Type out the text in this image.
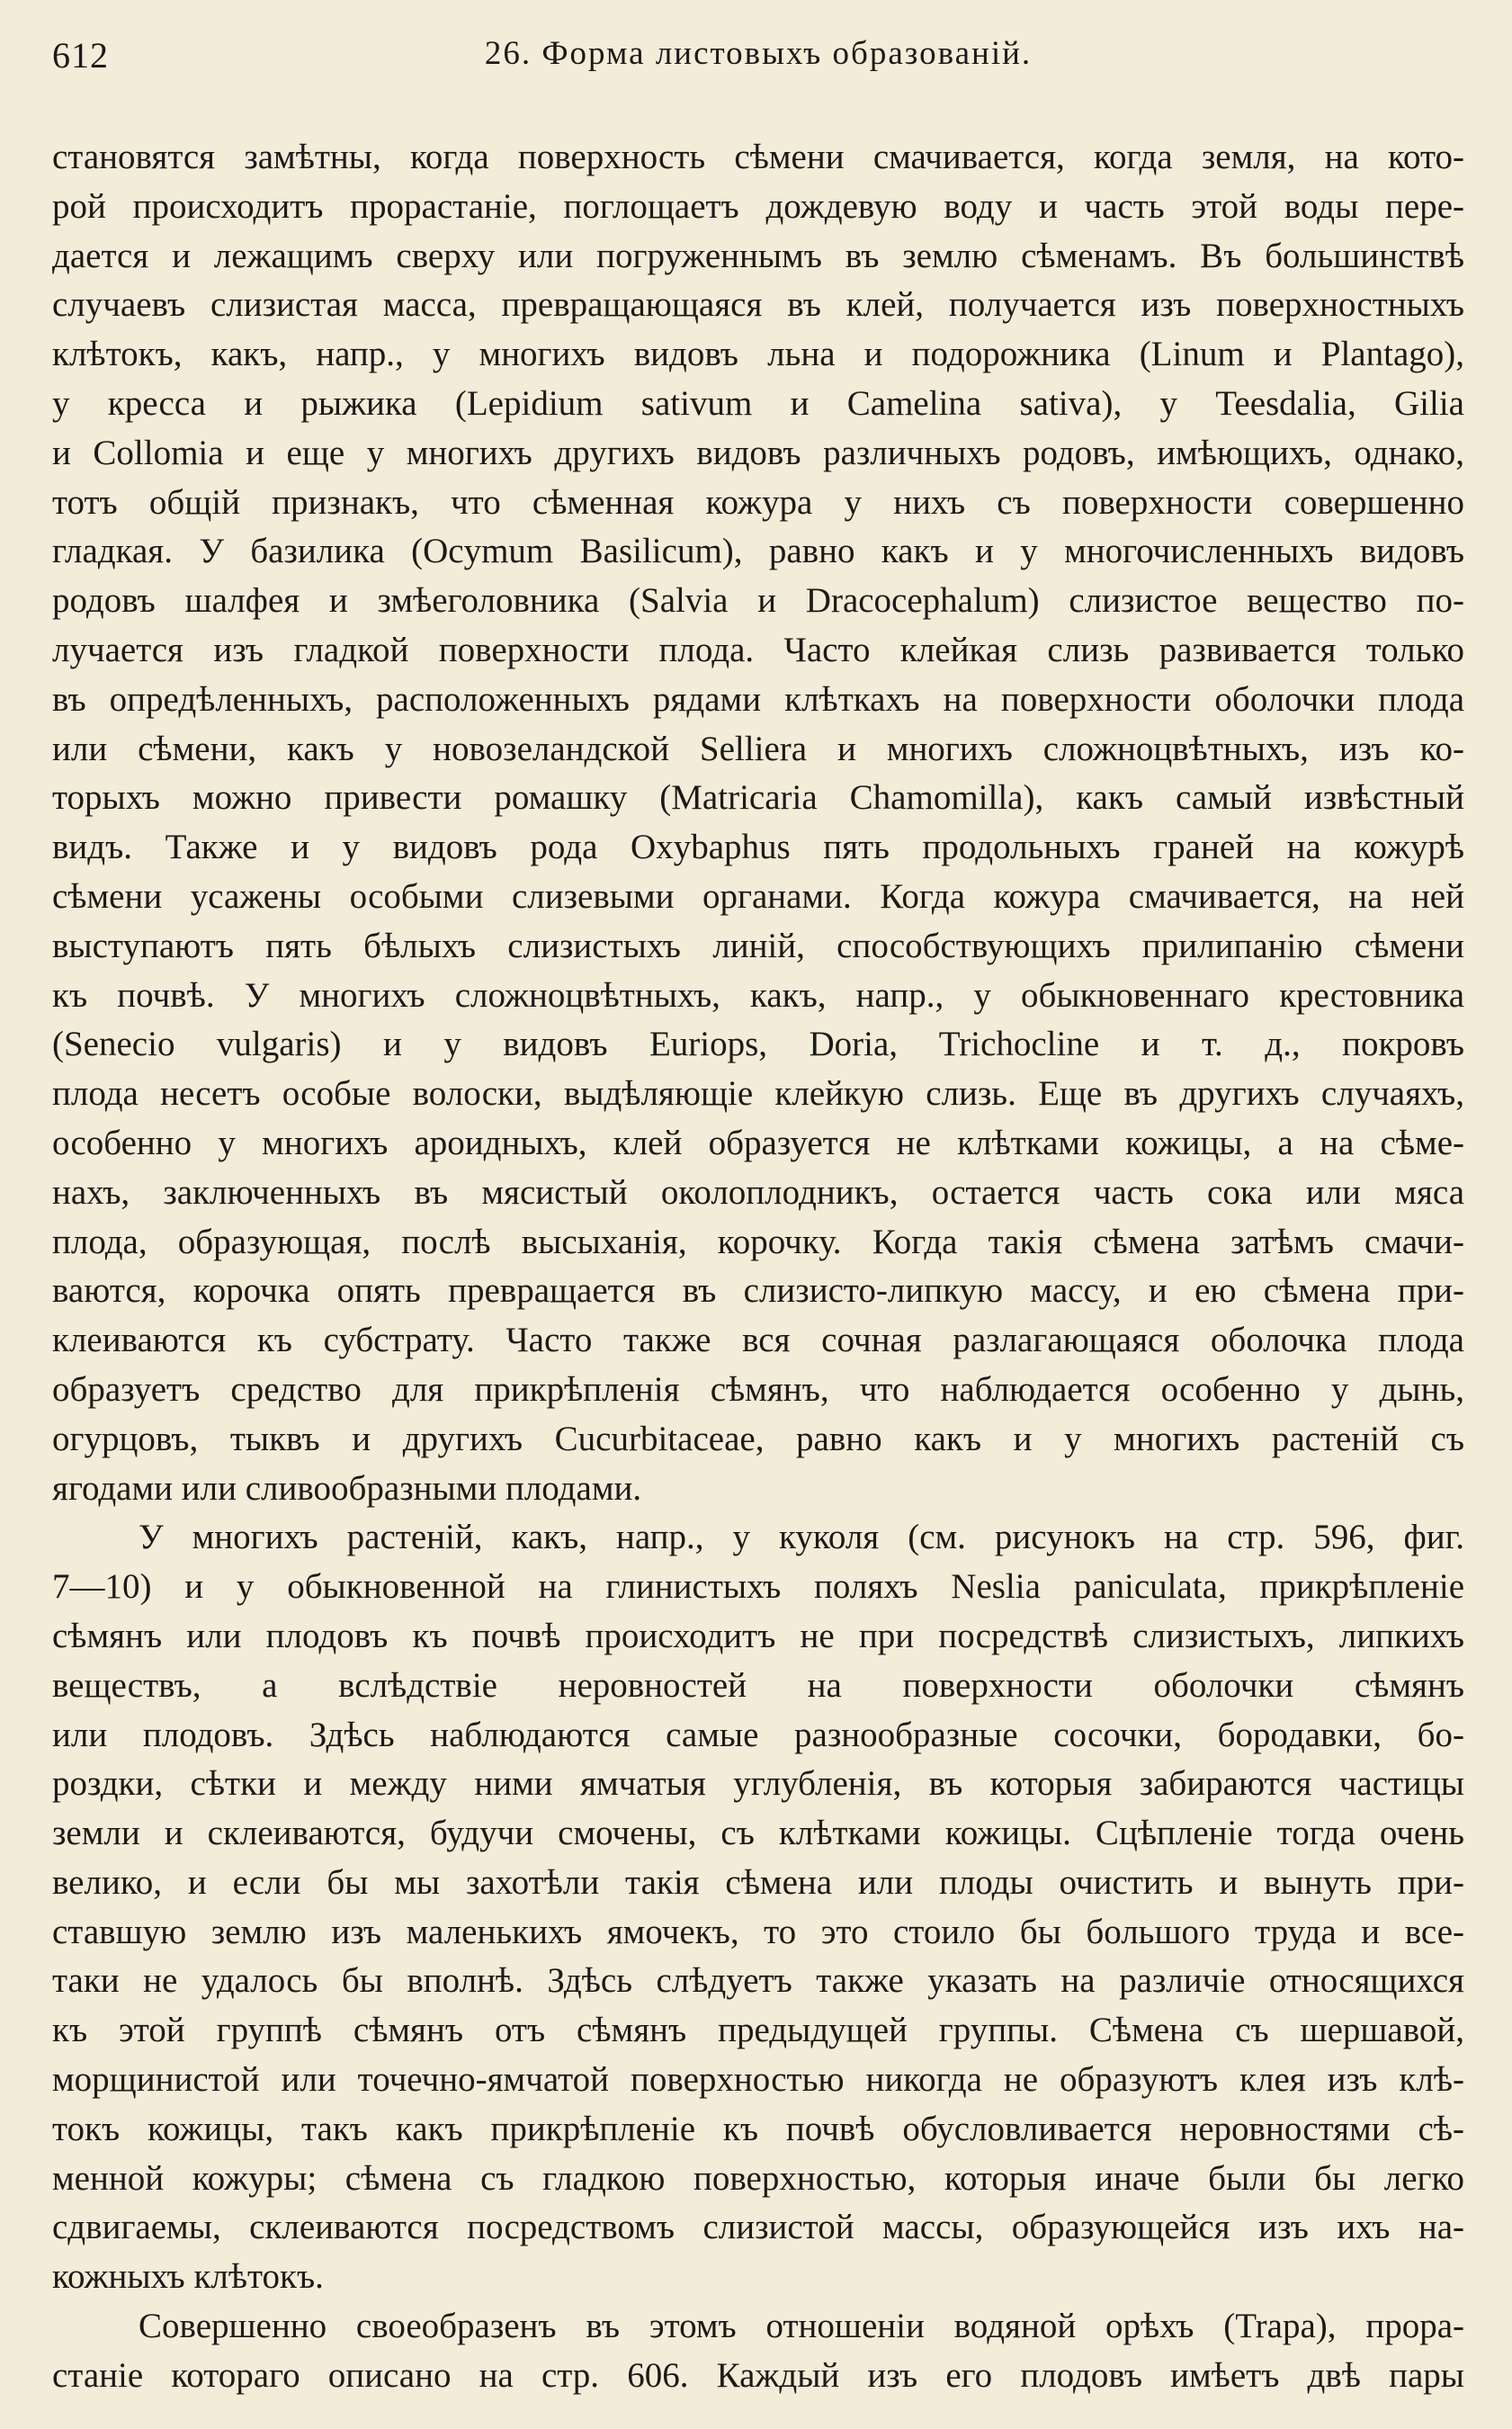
612	26. Форма листовыхъ образованій.
становятся замѣтны, когда поверхность сѣмени смачивается, когда земля, на кото-
рой происходитъ прорастаніе, поглощаетъ дождевую воду и часть этой воды пере-
дается и лежащимъ сверху или погруженнымъ въ землю сѣменамъ. Въ большинствѣ
случаевъ слизистая масса, превращающаяся въ клей, получается изъ поверхностныхъ
клѣтокъ, какъ, напр., у многихъ видовъ льна и подорожника (Linum и Plantago),
у кресса и рыжика (Lepidium sativum и Camelina sativa), у Teesdalia, Gilia
и Collomia и еще у многихъ другихъ видовъ различныхъ родовъ, имѣющихъ, однако,
тотъ общій признакъ, что сѣменная кожура у нихъ съ поверхности совершенно
гладкая. У базилика (Ocymum Basilicum), равно какъ и у многочисленныхъ видовъ
родовъ шалфея и змѣеголовника (Salvia и Dracocephalum) слизистое вещество по-
лучается изъ гладкой поверхности плода. Часто клейкая слизь развивается только
въ опредѣленныхъ, расположенныхъ рядами клѣткахъ на поверхности оболочки плода
или сѣмени, какъ у новозеландской Selliera и многихъ сложноцвѣтныхъ, изъ ко-
торыхъ можно привести ромашку (Matricaria Chamomilla), какъ самый извѣстный
видъ. Также и у видовъ рода Oxybaphus пять продольныхъ граней на кожурѣ
сѣмени усажены особыми слизевыми органами. Когда кожура смачивается, на ней
выступаютъ пять бѣлыхъ слизистыхъ линій, способствующихъ прилипанію сѣмени
къ почвѣ. У многихъ сложноцвѣтныхъ, какъ, напр., у обыкновеннаго крестовника
(Senecio vulgaris) и у видовъ Euriops, Doria, Trichocline и т. д., покровъ
плода несетъ особые волоски, выдѣляющіе клейкую слизь. Еще въ другихъ случаяхъ,
особенно у многихъ ароидныхъ, клей образуется не клѣтками кожицы, а на сѣме-
нахъ, заключенныхъ въ мясистый околоплодникъ, остается часть сока или мяса
плода, образующая, послѣ высыханія, корочку. Когда такія сѣмена затѣмъ смачи-
ваются, корочка опять превращается въ слизисто-липкую массу, и ею сѣмена при-
клеиваются къ субстрату. Часто также вся сочная разлагающаяся оболочка плода
образуетъ средство для прикрѣпленія сѣмянъ, что наблюдается особенно у дынь,
огурцовъ, тыквъ и другихъ Cucurbitaceae, равно какъ и у многихъ растеній съ
ягодами или сливообразными плодами.
У многихъ растеній, какъ, напр., у куколя (см. рисунокъ на стр. 596, фиг.
7—10) и у обыкновенной на глинистыхъ поляхъ Neslia paniculata, прикрѣпленіе
сѣмянъ или плодовъ къ почвѣ происходитъ не при посредствѣ слизистыхъ, липкихъ
веществъ, а вслѣдствіе неровностей на поверхности оболочки сѣмянъ
или плодовъ. Здѣсь наблюдаются самые разнообразные сосочки, бородавки, бо-
роздки, сѣтки и между ними ямчатыя углубленія, въ которыя забираются частицы
земли и склеиваются, будучи смочены, съ клѣтками кожицы. Сцѣпленіе тогда очень
велико, и если бы мы захотѣли такія сѣмена или плоды очистить и вынуть при-
ставшую землю изъ маленькихъ ямочекъ, то это стоило бы большого труда и все-
таки не удалось бы вполнѣ. Здѣсь слѣдуетъ также указать на различіе относящихся
къ этой группѣ сѣмянъ отъ сѣмянъ предыдущей группы. Сѣмена съ шершавой,
морщинистой или точечно-ямчатой поверхностью никогда не образуютъ клея изъ клѣ-
токъ кожицы, такъ какъ прикрѣпленіе къ почвѣ обусловливается неровностями сѣ-
менной кожуры; сѣмена съ гладкою поверхностью, которыя иначе были бы легко
сдвигаемы, склеиваются посредствомъ слизистой массы, образующейся изъ ихъ на-
кожныхъ клѣтокъ.
Совершенно своеобразенъ въ этомъ отношеніи водяной орѣхъ (Trapa), прора-
станіе котораго описано на стр. 606. Каждый изъ его плодовъ имѣетъ двѣ пары
